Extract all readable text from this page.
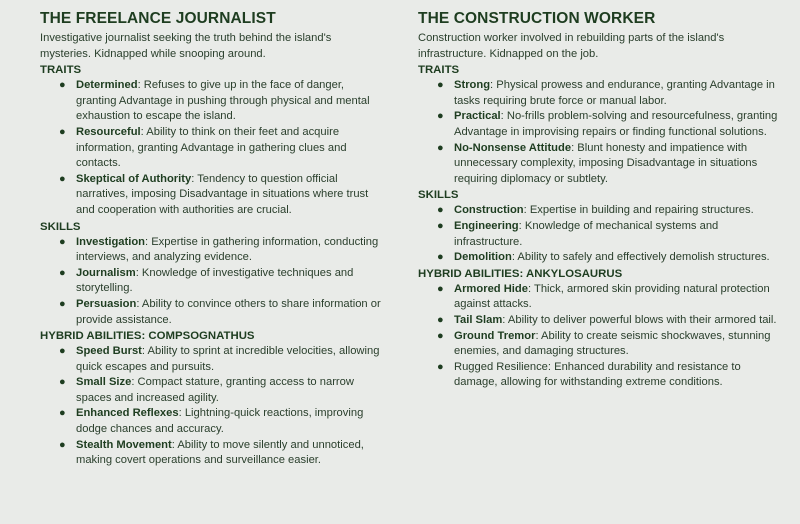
THE FREELANCE JOURNALIST

Investigative journalist seeking the truth behind the island's mysteries. Kidnapped while snooping around.

TRAITS

● Determined: Refuses to give up in the face of danger, granting Advantage in pushing through physical and mental exhaustion to escape the island.
● Resourceful: Ability to think on their feet and acquire information, granting Advantage in gathering clues and contacts.
● Skeptical of Authority: Tendency to question official narratives, imposing Disadvantage in situations where trust and cooperation with authorities are crucial.

SKILLS

● Investigation: Expertise in gathering information, conducting interviews, and analyzing evidence.
● Journalism: Knowledge of investigative techniques and storytelling.
● Persuasion: Ability to convince others to share information or provide assistance.

HYBRID ABILITIES: COMPSOGNATHUS

● Speed Burst: Ability to sprint at incredible velocities, allowing quick escapes and pursuits.
● Small Size: Compact stature, granting access to narrow spaces and increased agility.
● Enhanced Reflexes: Lightning-quick reactions, improving dodge chances and accuracy.
● Stealth Movement: Ability to move silently and unnoticed, making covert operations and surveillance easier.

THE CONSTRUCTION WORKER

Construction worker involved in rebuilding parts of the island's infrastructure. Kidnapped on the job.

TRAITS

● Strong: Physical prowess and endurance, granting Advantage in tasks requiring brute force or manual labor.
● Practical: No-frills problem-solving and resourcefulness, granting Advantage in improvising repairs or finding functional solutions.
● No-Nonsense Attitude: Blunt honesty and impatience with unnecessary complexity, imposing Disadvantage in situations requiring diplomacy or subtlety.

SKILLS

● Construction: Expertise in building and repairing structures.
● Engineering: Knowledge of mechanical systems and infrastructure.
● Demolition: Ability to safely and effectively demolish structures.

HYBRID ABILITIES: ANKYLOSAURUS

● Armored Hide: Thick, armored skin providing natural protection against attacks.
● Tail Slam: Ability to deliver powerful blows with their armored tail.
● Ground Tremor: Ability to create seismic shockwaves, stunning enemies, and damaging structures.
● Rugged Resilience: Enhanced durability and resistance to damage, allowing for withstanding extreme conditions.
